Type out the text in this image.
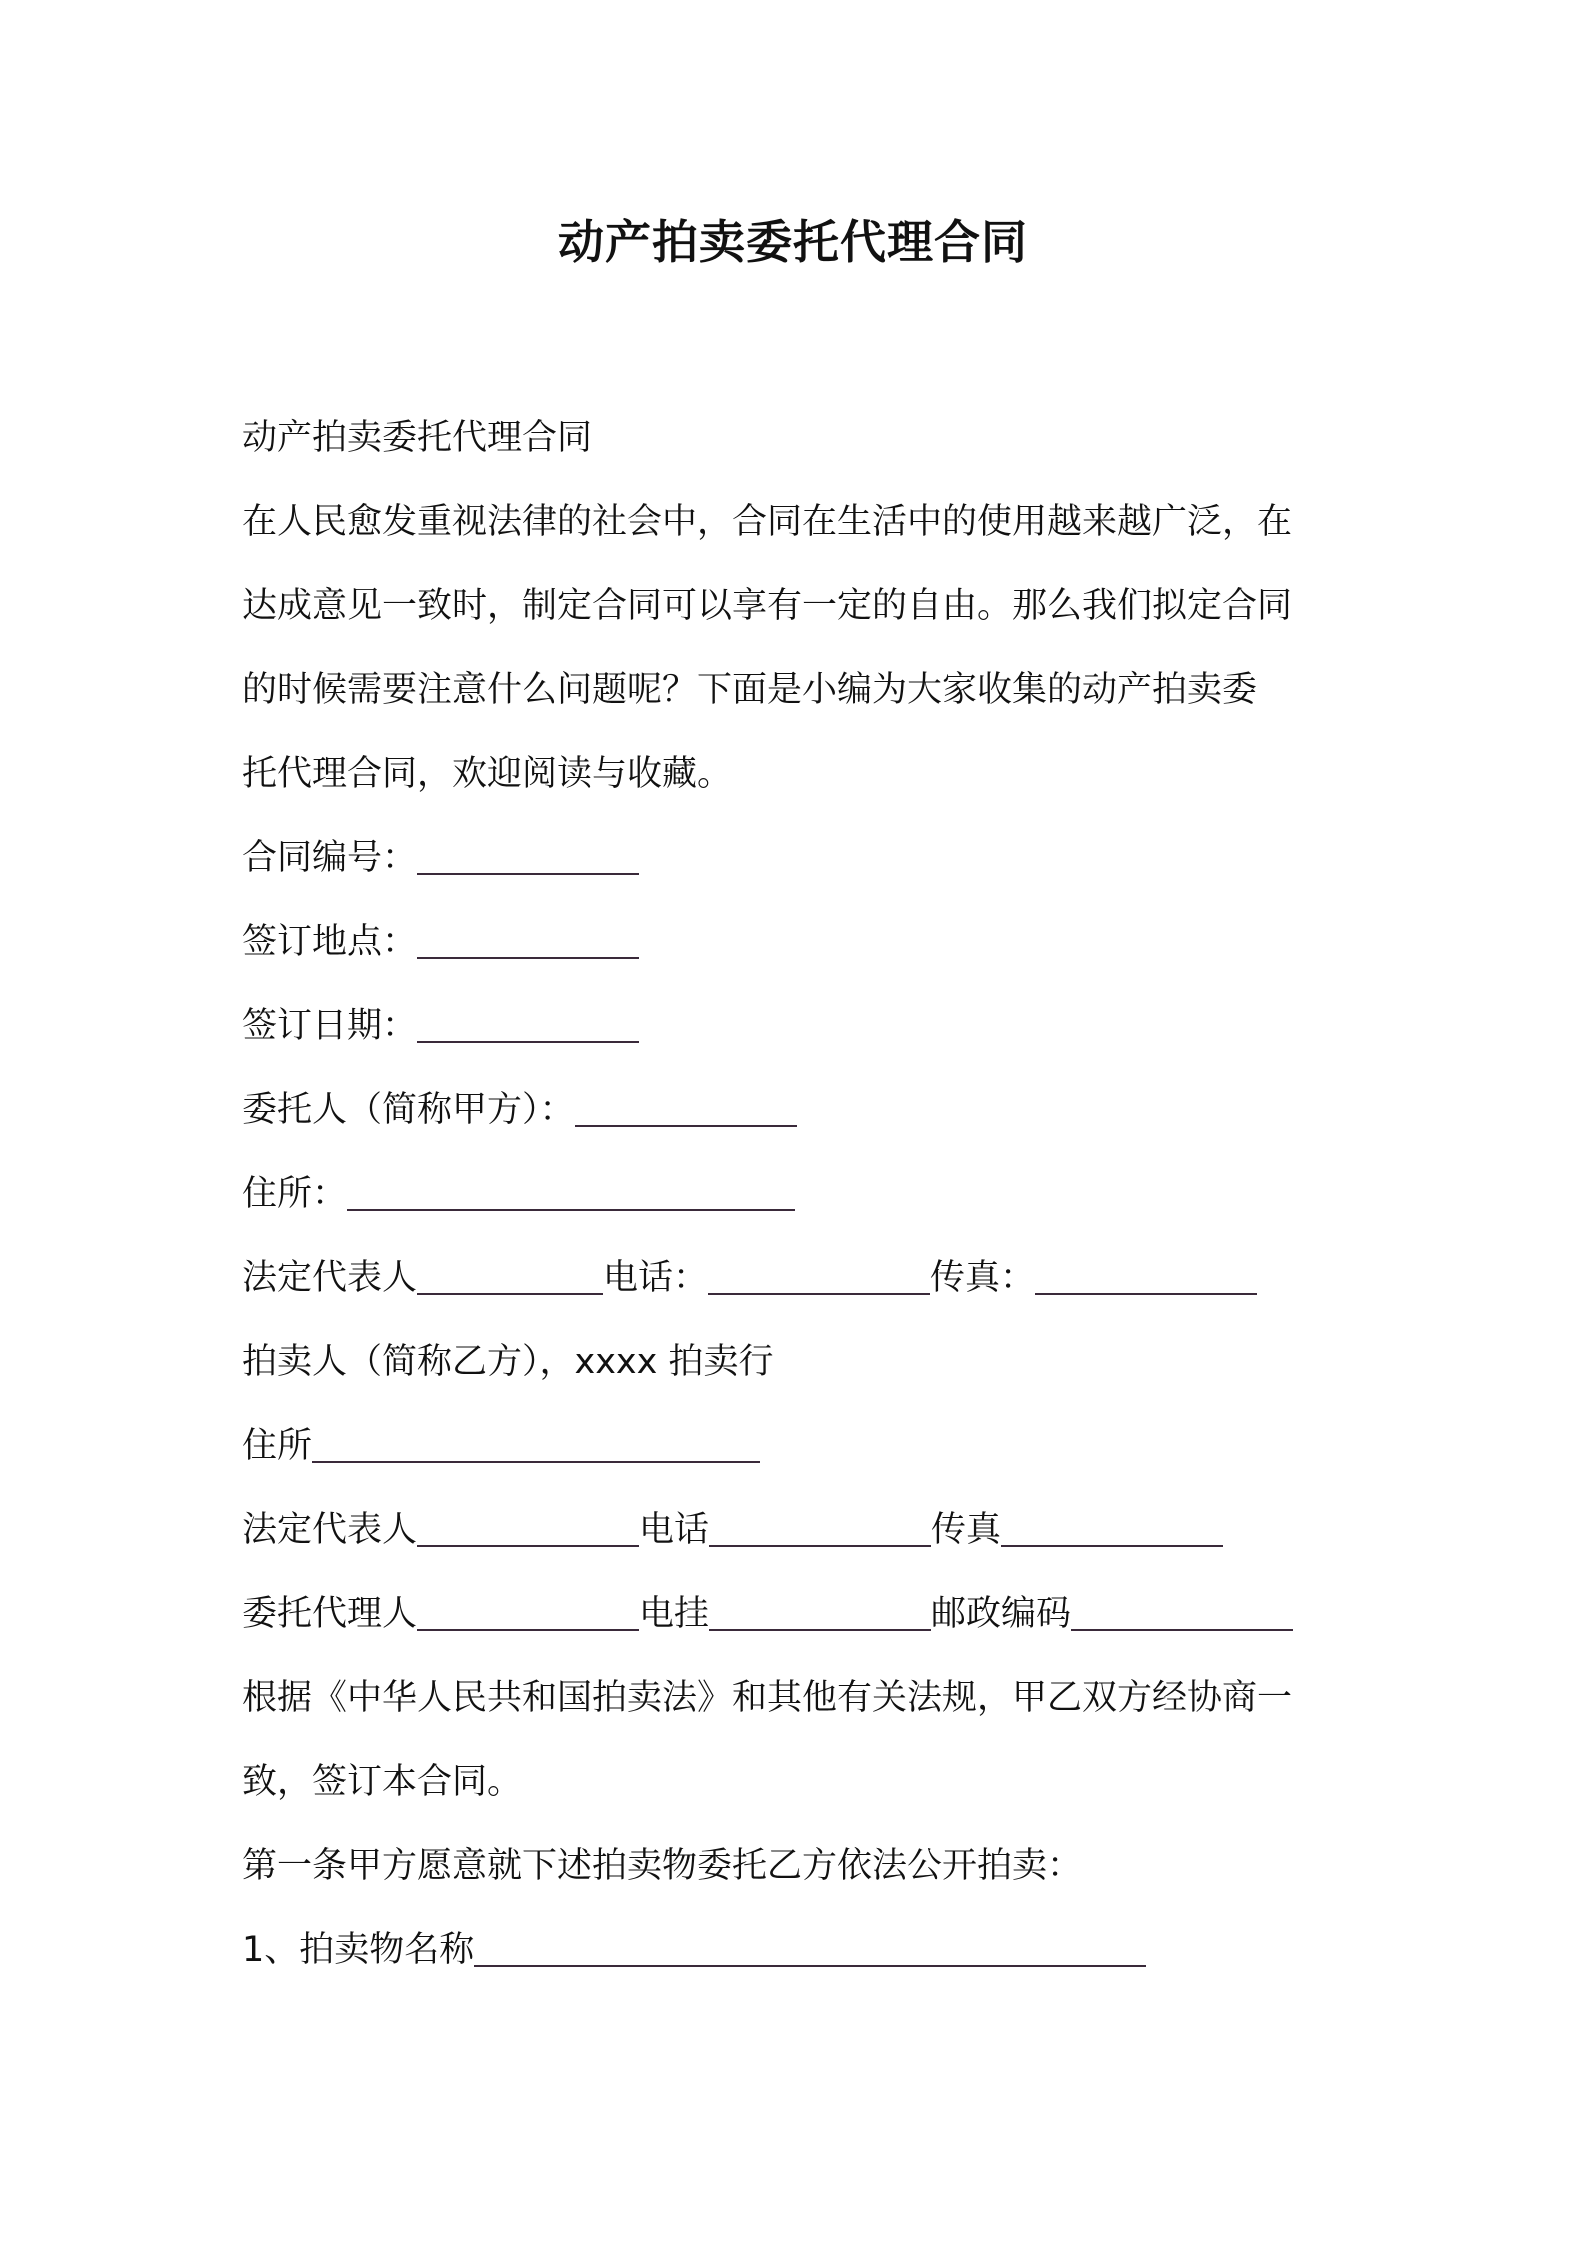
动产拍卖委托代理合同
动产拍卖委托代理合同
在人民愈发重视法律的社会中，合同在生活中的使用越来越广泛，在
达成意见一致时，制定合同可以享有一定的自由。那么我们拟定合同
的时候需要注意什么问题呢？下面是小编为大家收集的动产拍卖委
托代理合同，欢迎阅读与收藏。
合同编号：
签订地点：
签订日期：
委托人（简称甲方）：
住所：
法定代表人	电话：	传真：
拍卖人（简称乙方），xxxx 拍卖行
住所
法定代表人	电话	传真
委托代理人	电挂	邮政编码
根据《中华人民共和国拍卖法》和其他有关法规，甲乙双方经协商一
致，签订本合同。
第一条甲方愿意就下述拍卖物委托乙方依法公开拍卖：
1、拍卖物名称
